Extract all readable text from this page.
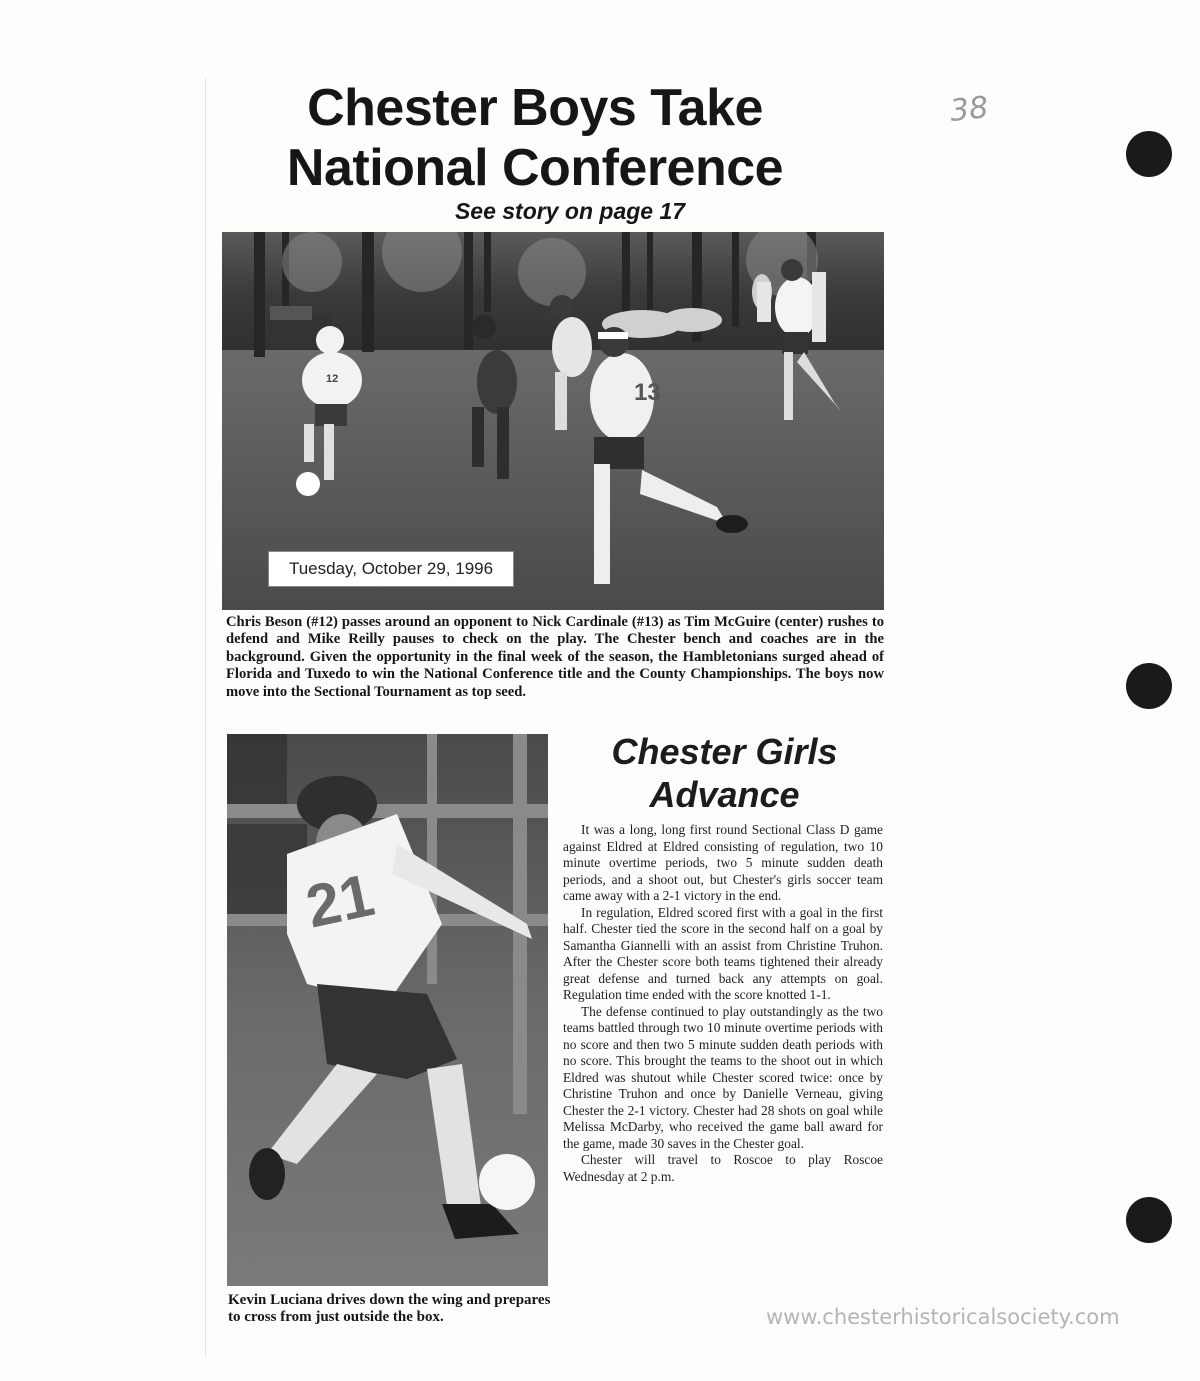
38
Chester Boys Take
National Conference

See story on page 17

12	13
Tuesday, October 29, 1996

Chris Beson (#12) passes around an opponent to Nick Cardinale (#13) as Tim McGuire (center) rushes to defend and Mike Reilly pauses to check on the play. The Chester bench and coaches are in the background. Given the opportunity in the final week of the season, the Hambletonians surged ahead of Florida and Tuxedo to win the National Conference title and the County Championships. The boys now move into the Sectional Tournament as top seed.

21

Kevin Luciana drives down the wing and prepares to cross from just outside the box.

Chester Girls
Advance

It was a long, long first round Sectional Class D game against Eldred at Eldred consisting of regulation, two 10 minute overtime periods, two 5 minute sudden death periods, and a shoot out, but Chester's girls soccer team came away with a 2-1 victory in the end.

In regulation, Eldred scored first with a goal in the first half. Chester tied the score in the second half on a goal by Samantha Giannelli with an assist from Christine Truhon. After the Chester score both teams tightened their already great defense and turned back any attempts on goal. Regulation time ended with the score knotted 1-1.

The defense continued to play outstandingly as the two teams battled through two 10 minute overtime periods with no score and then two 5 minute sudden death periods with no score. This brought the teams to the shoot out in which Eldred was shutout while Chester scored twice: once by Christine Truhon and once by Danielle Verneau, giving Chester the 2-1 victory. Chester had 28 shots on goal while Melissa McDarby, who received the game ball award for the game, made 30 saves in the Chester goal.

Chester will travel to Roscoe to play Roscoe Wednesday at 2 p.m.

www.chesterhistoricalsociety.com
